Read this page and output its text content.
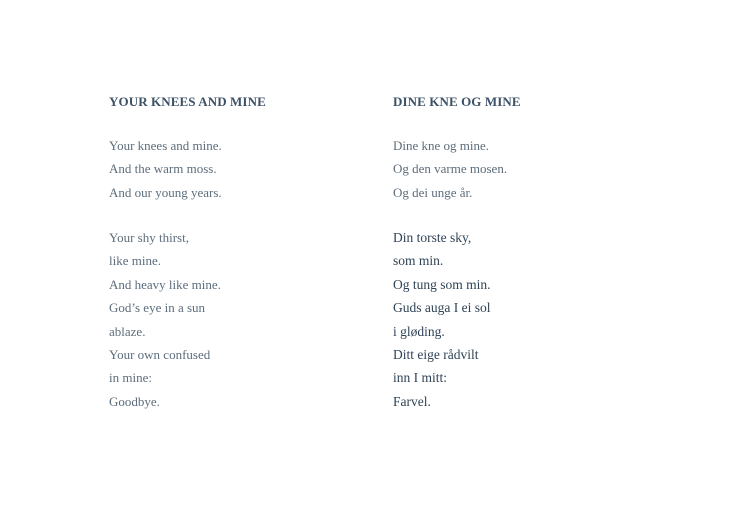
YOUR KNEES AND MINE
Your knees and mine.
And the warm moss.
And our young years.
Your shy thirst,
like mine.
And heavy like mine.
God’s eye in a sun
ablaze.
Your own confused
in mine:
Goodbye.
DINE KNE OG MINE
Dine kne og mine.
Og den varme mosen.
Og dei unge år.
Din torste sky,
som min.
Og tung som min.
Guds auga I ei sol
i gløding.
Ditt eige rådvilt
inn I mitt:
Farvel.
